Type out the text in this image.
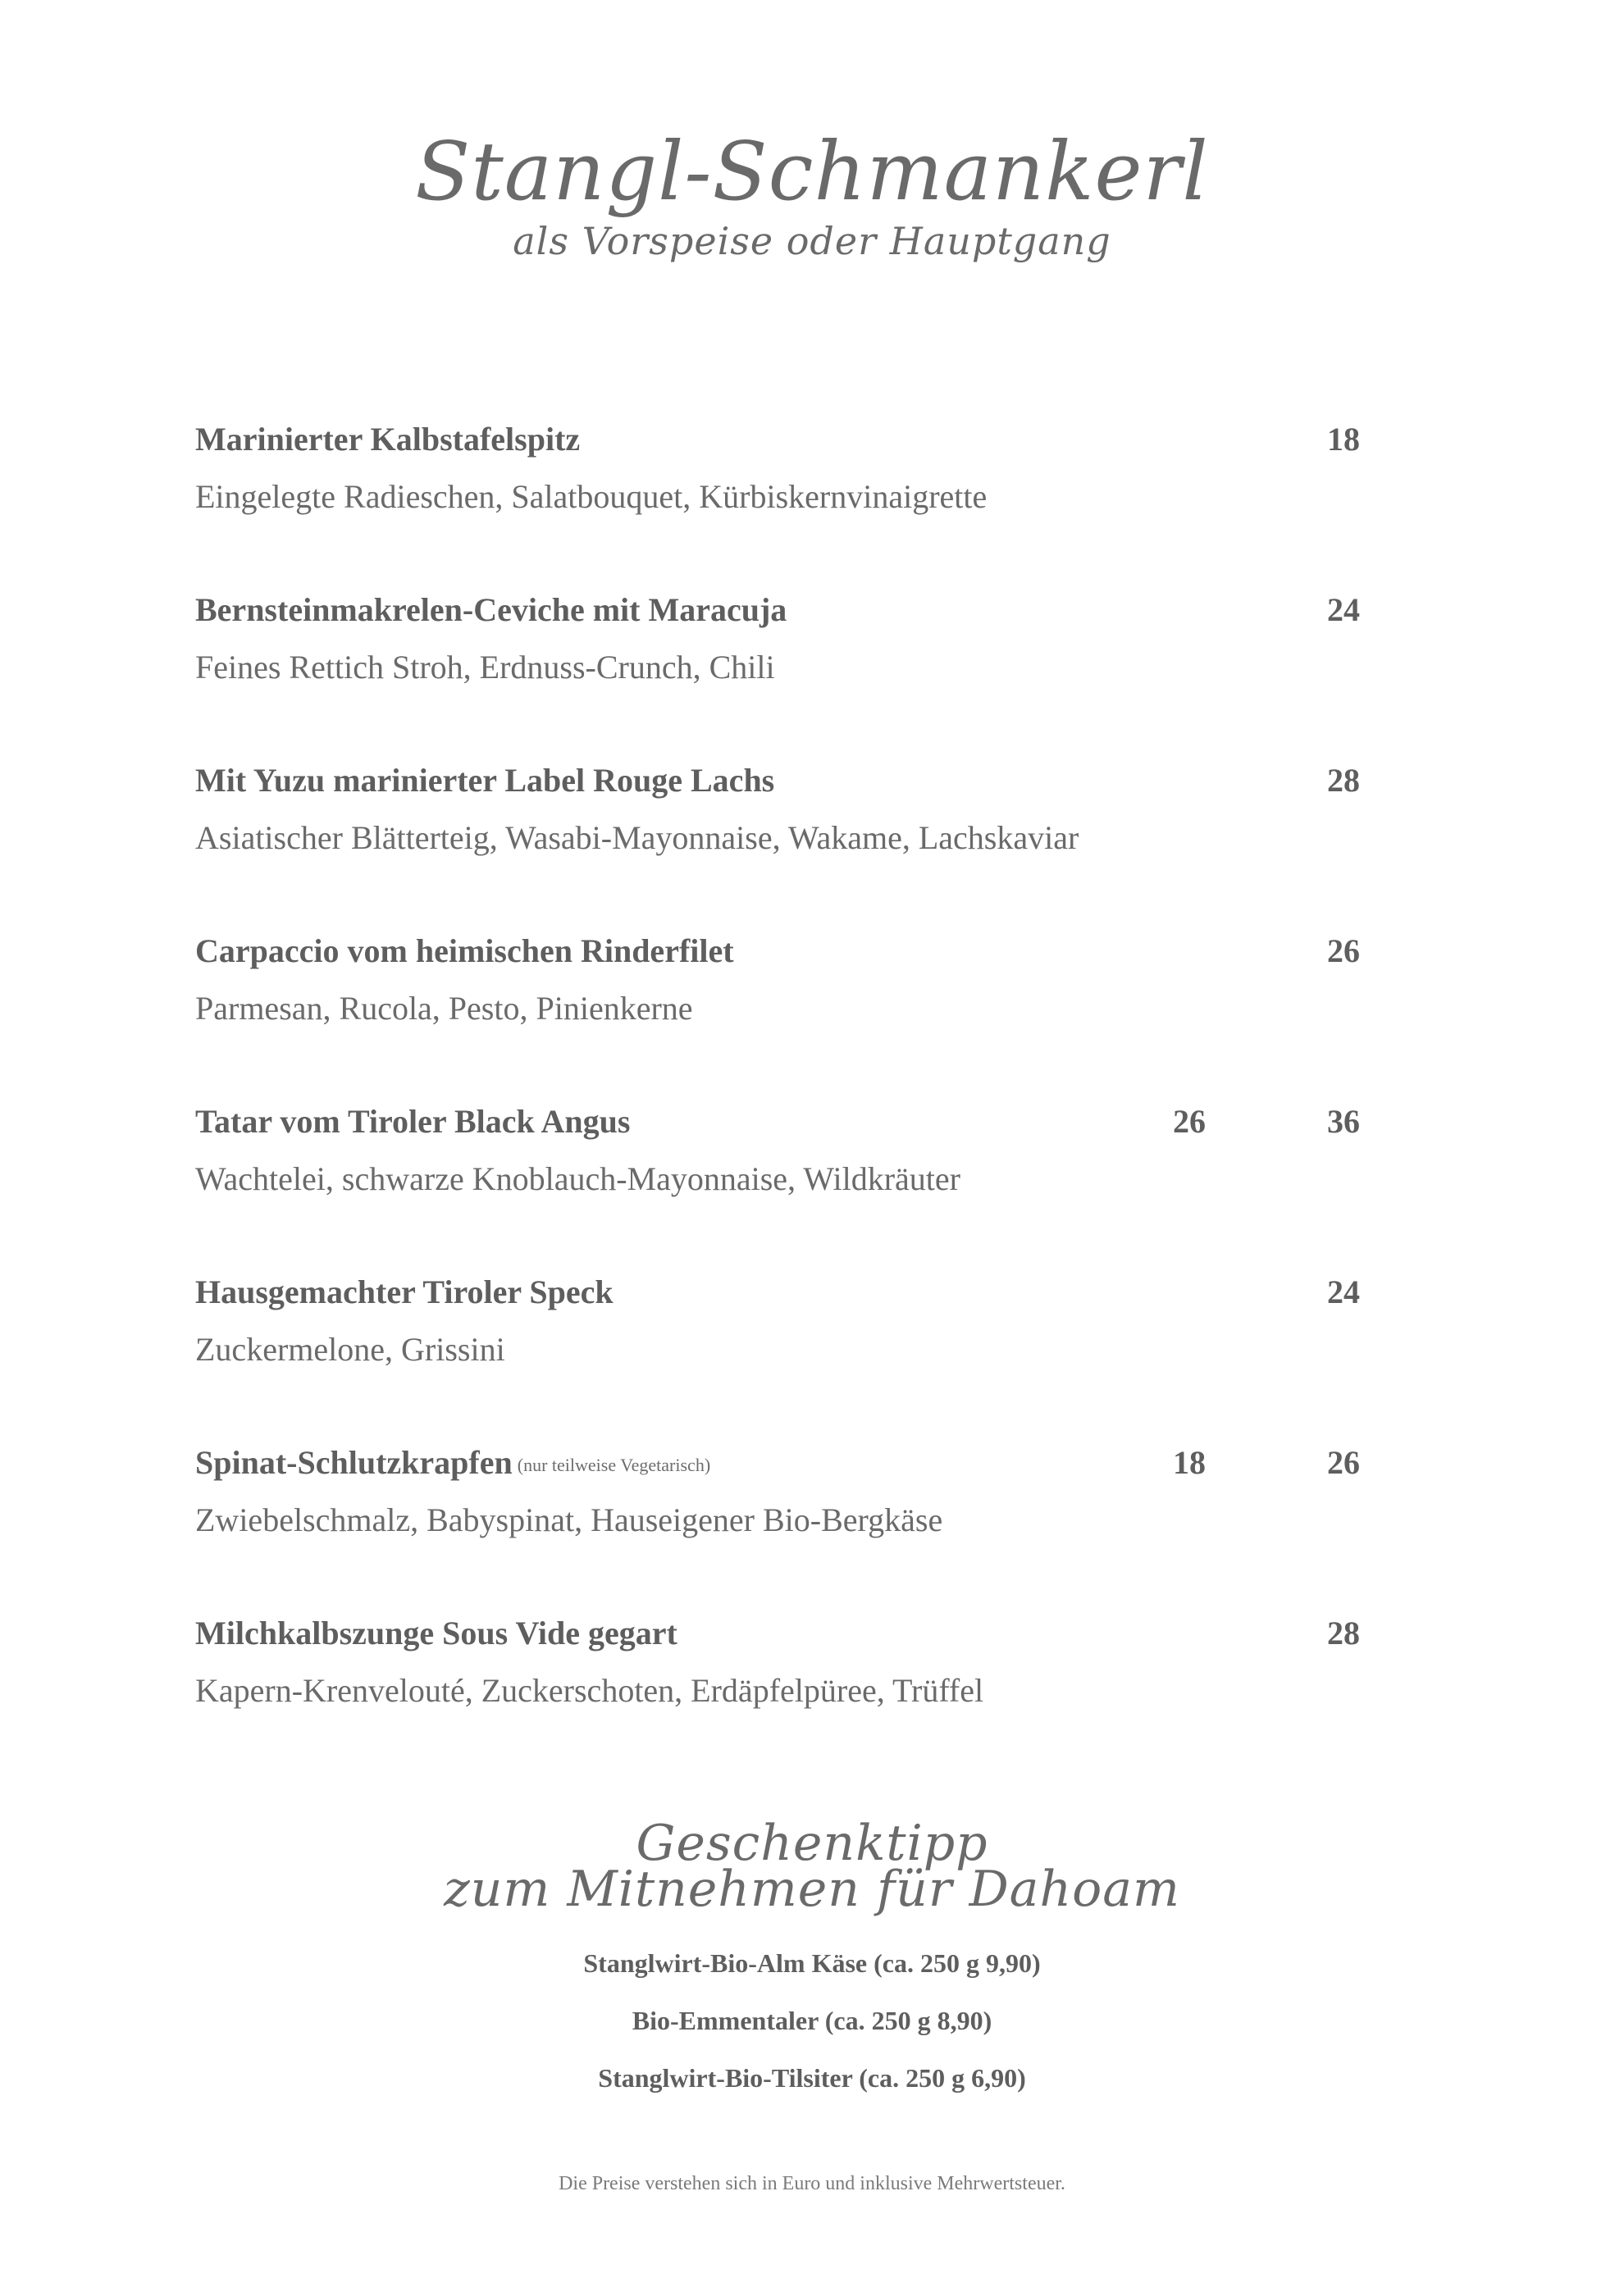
Stangl-Schmankerl
als Vorspeise oder Hauptgang
Marinierter Kalbstafelspitz	18
Eingelegte Radieschen, Salatbouquet, Kürbiskernvinaigrette
Bernsteinmakrelen-Ceviche mit Maracuja	24
Feines Rettich Stroh, Erdnuss-Crunch, Chili
Mit Yuzu marinierter Label Rouge Lachs	28
Asiatischer Blätterteig, Wasabi-Mayonnaise, Wakame, Lachskaviar
Carpaccio vom heimischen Rinderfilet	26
Parmesan, Rucola, Pesto, Pinienkerne
Tatar vom Tiroler Black Angus	26	36
Wachtelei, schwarze Knoblauch-Mayonnaise, Wildkräuter
Hausgemachter Tiroler Speck	24
Zuckermelone, Grissini
Spinat-Schlutzkrapfen (nur teilweise Vegetarisch)	18	26
Zwiebelschmalz, Babyspinat, Hauseigener Bio-Bergkäse
Milchkalbszunge Sous Vide gegart	28
Kapern-Krenvelouté, Zuckerschoten, Erdäpfelpüree, Trüffel
Geschenktipp
zum Mitnehmen für Dahoam
Stanglwirt-Bio-Alm Käse (ca. 250 g 9,90)
Bio-Emmentaler (ca. 250 g 8,90)
Stanglwirt-Bio-Tilsiter (ca. 250 g 6,90)
Die Preise verstehen sich in Euro und inklusive Mehrwertsteuer.
